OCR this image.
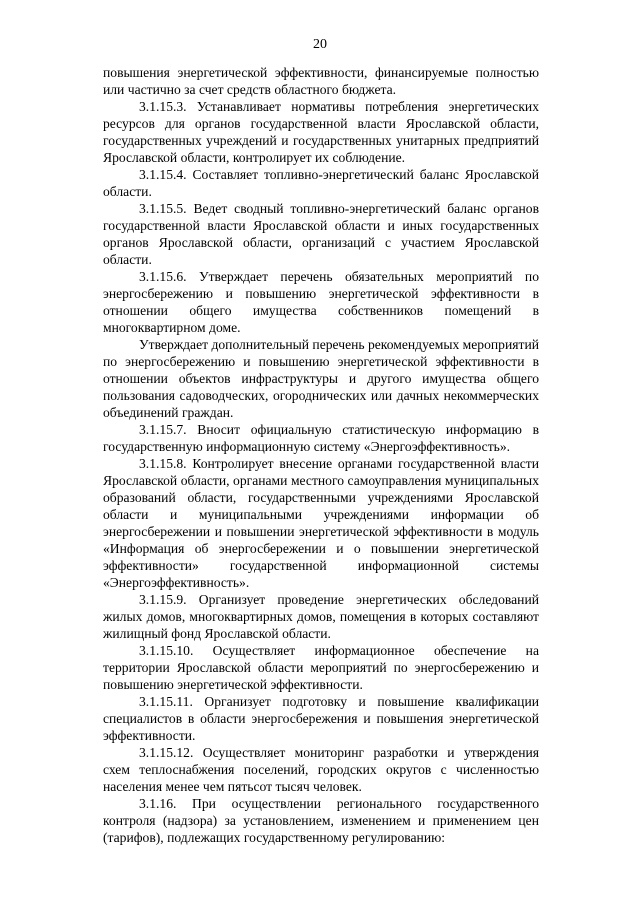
20

повышения энергетической эффективности, финансируемые полностью или частично за счет средств областного бюджета.

3.1.15.3. Устанавливает нормативы потребления энергетических ресурсов для органов государственной власти Ярославской области, государственных учреждений и государственных унитарных предприятий Ярославской области, контролирует их соблюдение.

3.1.15.4. Составляет топливно-энергетический баланс Ярославской области.

3.1.15.5. Ведет сводный топливно-энергетический баланс органов государственной власти Ярославской области и иных государственных органов Ярославской области, организаций с участием Ярославской области.

3.1.15.6. Утверждает перечень обязательных мероприятий по энергосбережению и повышению энергетической эффективности в отношении общего имущества собственников помещений в многоквартирном доме.

Утверждает дополнительный перечень рекомендуемых мероприятий по энергосбережению и повышению энергетической эффективности в отношении объектов инфраструктуры и другого имущества общего пользования садоводческих, огороднических или дачных некоммерческих объединений граждан.

3.1.15.7. Вносит официальную статистическую информацию в государственную информационную систему «Энергоэффективность».

3.1.15.8. Контролирует внесение органами государственной власти Ярославской области, органами местного самоуправления муниципальных образований области, государственными учреждениями Ярославской области и муниципальными учреждениями информации об энергосбережении и повышении энергетической эффективности в модуль «Информация об энергосбережении и о повышении энергетической эффективности» государственной информационной системы «Энергоэффективность».

3.1.15.9. Организует проведение энергетических обследований жилых домов, многоквартирных домов, помещения в которых составляют жилищный фонд Ярославской области.

3.1.15.10. Осуществляет информационное обеспечение на территории Ярославской области мероприятий по энергосбережению и повышению энергетической эффективности.

3.1.15.11. Организует подготовку и повышение квалификации специалистов в области энергосбережения и повышения энергетической эффективности.

3.1.15.12. Осуществляет мониторинг разработки и утверждения схем теплоснабжения поселений, городских округов с численностью населения менее чем пятьсот тысяч человек.

3.1.16. При осуществлении регионального государственного контроля (надзора) за установлением, изменением и применением цен (тарифов), подлежащих государственному регулированию:
